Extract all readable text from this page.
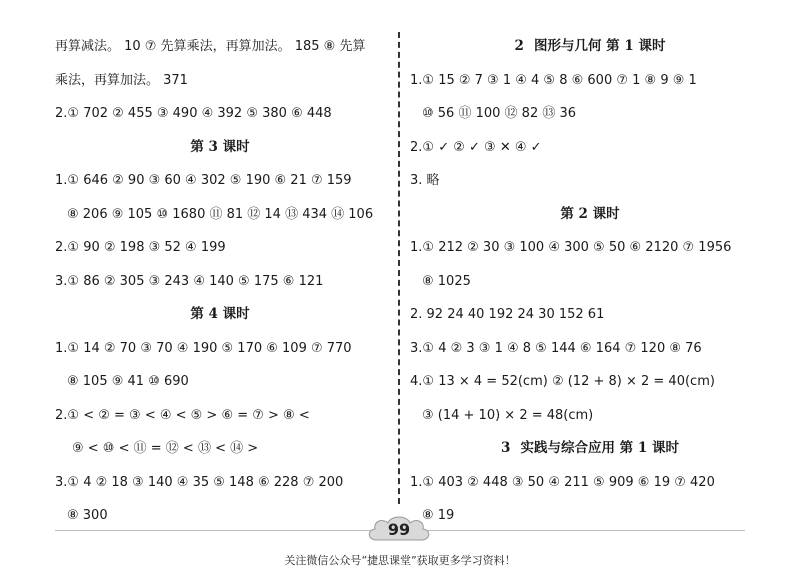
再算减法。 10 ⑦ 先算乘法，再算加法。 185 ⑧ 先算
乘法，再算加法。 371
2.① 702 ② 455 ③ 490 ④ 392 ⑤ 380 ⑥ 448
第 3 课时
1.① 646 ② 90 ③ 60 ④ 302 ⑤ 190 ⑥ 21 ⑦ 159
⑧ 206 ⑨ 105 ⑩ 1680 ⑪ 81 ⑫ 14 ⑬ 434 ⑭ 106
2.① 90 ② 198 ③ 52 ④ 199
3.① 86 ② 305 ③ 243 ④ 140 ⑤ 175 ⑥ 121
第 4 课时
1.① 14 ② 70 ③ 70 ④ 190 ⑤ 170 ⑥ 109 ⑦ 770
⑧ 105 ⑨ 41 ⑩ 690
2.① < ② = ③ < ④ < ⑤ > ⑥ = ⑦ > ⑧ <
⑨ < ⑩ < ⑪ = ⑫ < ⑬ < ⑭ >
3.① 4 ② 18 ③ 140 ④ 35 ⑤ 148 ⑥ 228 ⑦ 200
⑧ 300
2 图形与几何 第 1 课时
1.① 15 ② 7 ③ 1 ④ 4 ⑤ 8 ⑥ 600 ⑦ 1 ⑧ 9 ⑨ 1
⑩ 56 ⑪ 100 ⑫ 82 ⑬ 36
2.① ✓ ② ✓ ③ ✕ ④ ✓
3. 略
第 2 课时
1.① 212 ② 30 ③ 100 ④ 300 ⑤ 50 ⑥ 2120 ⑦ 1956
⑧ 1025
2. 92 24 40 192 24 30 152 61
3.① 4 ② 3 ③ 1 ④ 8 ⑤ 144 ⑥ 164 ⑦ 120 ⑧ 76
4.① 13 × 4 = 52(cm) ② (12 + 8) × 2 = 40(cm)
③ (14 + 10) × 2 = 48(cm)
3 实践与综合应用 第 1 课时
1.① 403 ② 448 ③ 50 ④ 211 ⑤ 909 ⑥ 19 ⑦ 420
⑧ 19
99
关注微信公众号“捷思课堂”获取更多学习资料！
